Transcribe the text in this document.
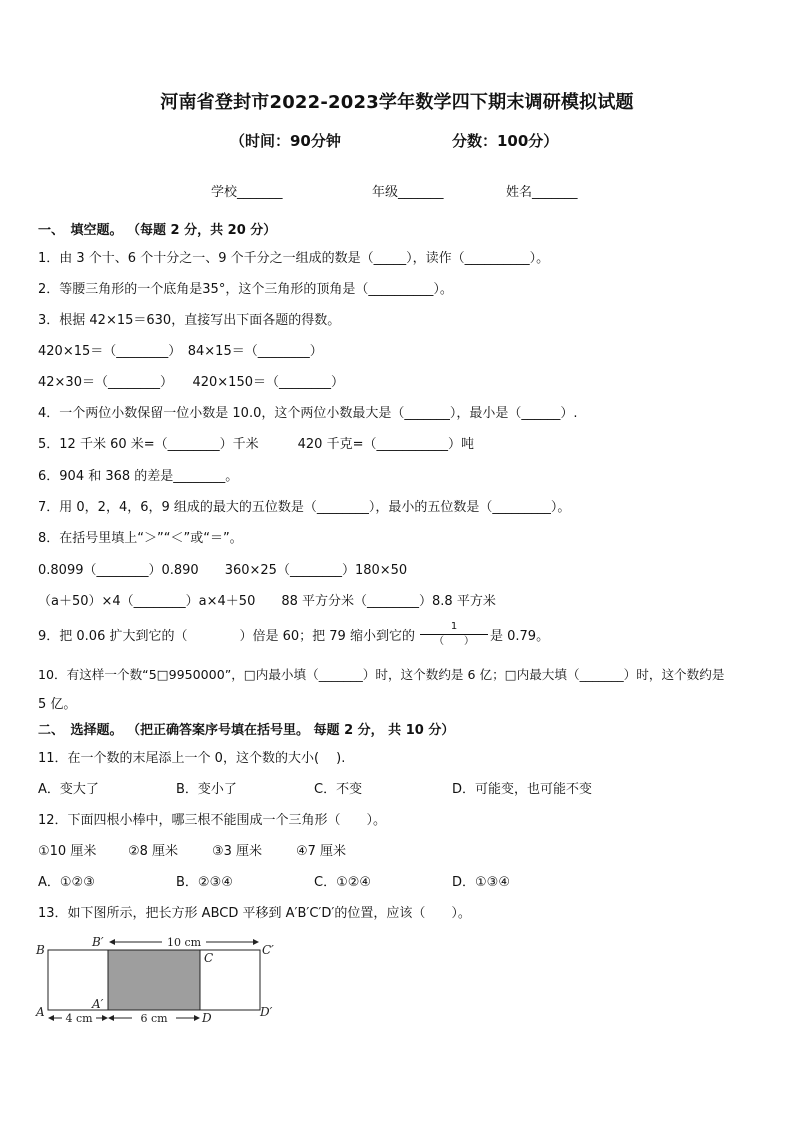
河南省登封市2022-2023学年数学四下期末调研模拟试题
（时间：90分钟	分数：100分）
学校_______	年级_______	姓名_______
一、　填空题。 （每题 2 分，共 20 分）
1．由 3 个十、6 个十分之一、9 个千分之一组成的数是（_____），读作（__________）。
2．等腰三角形的一个底角是35°，这个三角形的顶角是（__________）。
3．根据 42×15＝630，直接写出下面各题的得数。
420×15＝（________）　84×15＝（________）
42×30＝（________）　　420×150＝（________）
4．一个两位小数保留一位小数是 10.0，这个两位小数最大是（_______），最小是（______）.
5．12 千米 60 米=（________）千米　　　420 千克=（___________）吨
6．904 和 368 的差是________。
7．用 0，2，4，6，9 组成的最大的五位数是（________），最小的五位数是（_________）。
8．在括号里填上“＞”“＜”或“＝”。
0.8099（________）0.890　　360×25（________）180×50
（a＋50）×4（________）a×4＋50　　88 平方分米（________）8.8 平方米
9．把 0.06 扩大到它的（　　　　）倍是 60；把 79 缩小到它的
1
（　　）	是 0.79。
10．有这样一个数“5□9950000”，□内最小填（_______）时，这个数约是 6 亿；□内最大填（_______）时，这个数约是
5 亿。
二、　选择题。 （把正确答案序号填在括号里。 每题 2 分， 共 10 分）
11．在一个数的末尾添上一个 0，这个数的大小(　 ).
A．变大了	B．变小了	C．不变	D．可能变，也可能不变
12．下面四根小棒中，哪三根不能围成一个三角形（　　）。
①10 厘米 ②8 厘米	③3 厘米	④7 厘米
A．①②③	B．②③④	C．①②④	D．①③④
13．如下图所示，把长方形 ABCD 平移到 A′B′C′D′的位置，应该（　　）。
10 cm
4 cm	6 cm
B
A
B′
A′
C
D
C′
D′
